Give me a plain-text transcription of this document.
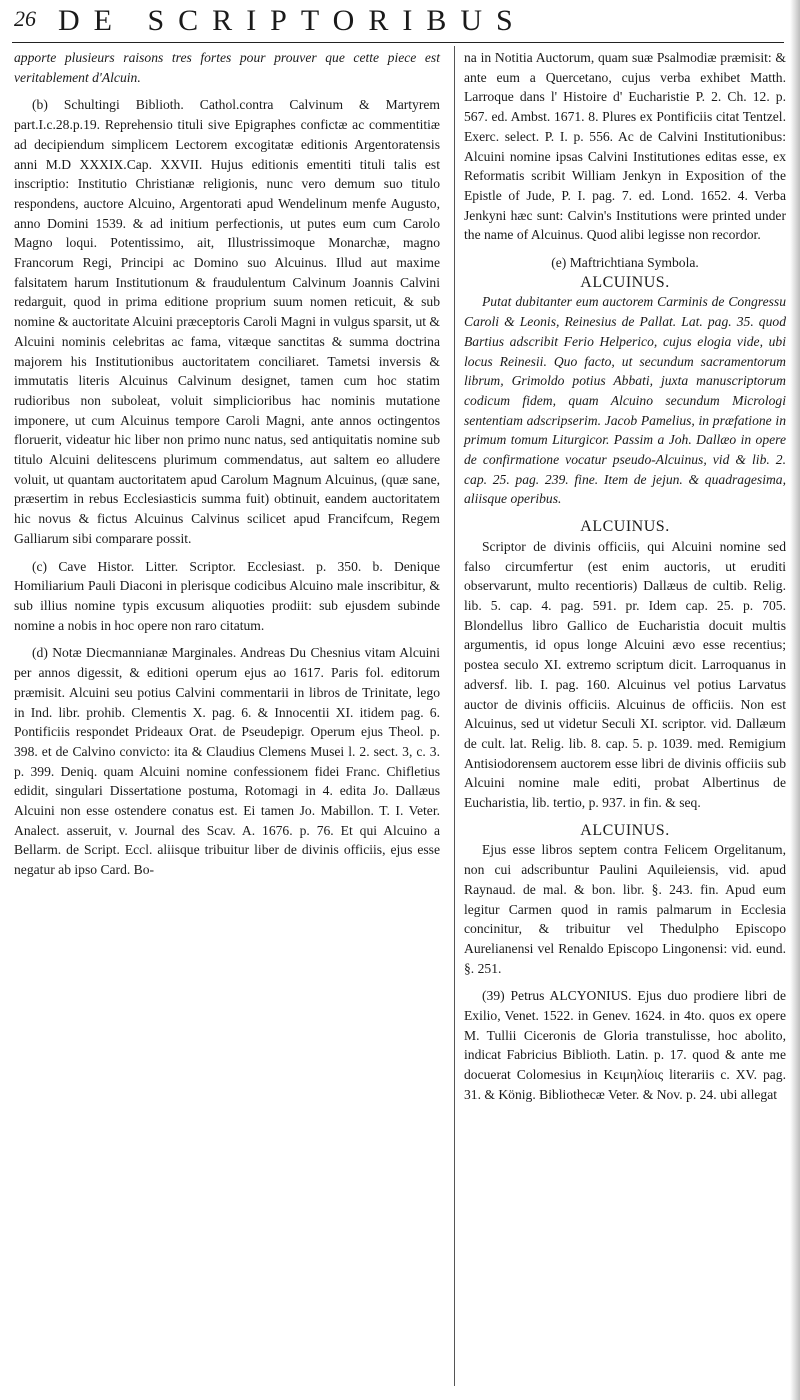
26 DE SCRIPTORIBUS

apporte plusieurs raisons tres fortes pour prouver que cette piece est veritablement d'Alcuin.

(b) Schultingi Biblioth. Cathol.contra Calvinum & Martyrem part.I.c.28.p.19. Reprehensio tituli sive Epigraphes confictæ ac commentitiæ ad decipiendum simplicem Lectorem excogitatæ editionis Argentoratensis anni M.D XXXIX.Cap. XXVII. Hujus editionis ementiti tituli talis est inscriptio: Institutio Christianæ religionis, nunc vero demum suo titulo respondens, auctore Alcuino, Argentorati apud Wendelinum menfe Augusto, anno Domini 1539. & ad initium perfectionis, ut putes eum cum Carolo Magno loqui. Potentissimo, ait, Illustrissimoque Monarchæ, magno Francorum Regi, Principi ac Domino suo Alcuinus. Illud aut maxime falsitatem harum Institutionum & fraudulentum Calvinum Joannis Calvini redarguit, quod in prima editione proprium suum nomen reticuit, & sub nomine & auctoritate Alcuini præceptoris Caroli Magni in vulgus sparsit, ut & Alcuini nominis celebritas ac fama, vitæque sanctitas & summa doctrina majorem his Institutionibus auctoritatem conciliaret. Tametsi inversis & immutatis literis Alcuinus Calvinum designet, tamen cum hoc statim rudioribus non suboleat, voluit simplicioribus hac nominis mutatione imponere, ut cum Alcuinus tempore Caroli Magni, ante annos octingentos floruerit, videatur hic liber non primo nunc natus, sed antiquitatis nomine sub titulo Alcuini delitescens plurimum commendatus, aut saltem eo alludere voluit, ut quantam auctoritatem apud Carolum Magnum Alcuinus, (quæ sane, præsertim in rebus Ecclesiasticis summa fuit) obtinuit, eandem auctoritatem hic novus & fictus Alcuinus Calvinus scilicet apud Francifcum, Regem Galliarum sibi comparare possit.

(c) Cave Histor. Litter. Scriptor. Ecclesiast. p. 350. b. Denique Homiliarium Pauli Diaconi in plerisque codicibus Alcuino male inscribitur, & sub illius nomine typis excusum aliquoties prodiit: sub ejusdem subinde nomine a nobis in hoc opere non raro citatum.

(d) Notæ Diecmannianæ Marginales. Andreas Du Chesnius vitam Alcuini per annos digessit, & editioni operum ejus ao 1617. Paris fol. editorum præmisit. Alcuini seu potius Calvini commentarii in libros de Trinitate, lego in Ind. libr. prohib. Clementis X. pag. 6. & Innocentii XI. itidem pag. 6. Pontificiis respondet Prideaux Orat. de Pseudepigr. Operum ejus Theol. p. 398. et de Calvino convicto: ita & Claudius Clemens Musei l. 2. sect. 3, c. 3. p. 399. Deniq. quam Alcuini nomine confessionem fidei Franc. Chifletius edidit, singulari Dissertatione postuma, Rotomagi in 4. edita Jo. Dallæus Alcuini non esse ostendere conatus est. Ei tamen Jo. Mabillon. T. I. Veter. Analect. asseruit, v. Journal des Scav. A. 1676. p. 76. Et qui Alcuino a Bellarm. de Script. Eccl. aliisque tribuitur liber de divinis officiis, ejus esse negatur ab ipso Card. Bo-

na in Notitia Auctorum, quam suæ Psalmodiæ præmisit: & ante eum a Quercetano, cujus verba exhibet Matth. Larroque dans l' Histoire d' Eucharistie P. 2. Ch. 12. p. 567. ed. Ambst. 1671. 8. Plures ex Pontificiis citat Tentzel. Exerc. select. P. I. p. 556. Ac de Calvini Institutionibus: Alcuini nomine ipsas Calvini Institutiones editas esse, ex Reformatis scribit William Jenkyn in Exposition of the Epistle of Jude, P. I. pag. 7. ed. Lond. 1652. 4. Verba Jenkyni hæc sunt: Calvin's Institutions were printed under the name of Alcuinus. Quod alibi legisse non recordor.

(e) Maftrichtiana Symbola.

ALCUINUS.

Putat dubitanter eum auctorem Carminis de Congressu Caroli & Leonis, Reinesius de Pallat. Lat. pag. 35. quod Bartius adscribit Ferio Helperico, cujus elogia vide, ubi locus Reinesii. Quo facto, ut secundum sacramentorum librum, Grimoldo potius Abbati, juxta manuscriptorum codicum fidem, quam Alcuino secundum Micrologi sententiam adscripserim. Jacob Pamelius, in præfatione in primum tomum Liturgicor. Passim a Joh. Dallæo in opere de confirmatione vocatur pseudo-Alcuinus, vid & lib. 2. cap. 25. pag. 239. fine. Item de jejun. & quadragesima, aliisque operibus.

ALCUINUS.

Scriptor de divinis officiis, qui Alcuini nomine sed falso circumfertur (est enim auctoris, ut eruditi observarunt, multo recentioris) Dallæus de cultib. Relig. lib. 5. cap. 4. pag. 591. pr. Idem cap. 25. p. 705. Blondellus libro Gallico de Eucharistia docuit multis argumentis, id opus longe Alcuini ævo esse recentius; postea seculo XI. extremo scriptum dicit. Larroquanus in adversf. lib. I. pag. 160. Alcuinus vel potius Larvatus auctor de divinis officiis. Alcuinus de officiis. Non est Alcuinus, sed ut videtur Seculi XI. scriptor. vid. Dallæum de cult. lat. Relig. lib. 8. cap. 5. p. 1039. med. Remigium Antisiodorensem auctorem esse libri de divinis officiis sub Alcuini nomine male editi, probat Albertinus de Eucharistia, lib. tertio, p. 937. in fin. & seq.

ALCUINUS.

Ejus esse libros septem contra Felicem Orgelitanum, non cui adscribuntur Paulini Aquileiensis, vid. apud Raynaud. de mal. & bon. libr. §. 243. fin. Apud eum legitur Carmen quod in ramis palmarum in Ecclesia concinitur, & tribuitur vel Thedulpho Episcopo Aurelianensi vel Renaldo Episcopo Lingonensi: vid. eund. §. 251.

(39) Petrus ALCYONIUS. Ejus duo prodiere libri de Exilio, Venet. 1522. in Genev. 1624. in 4to. quos ex opere M. Tullii Ciceronis de Gloria transtulisse, hoc abolito, indicat Fabricius Biblioth. Latin. p. 17. quod & ante me docuerat Colomesius in Κειμηλίοις literariis c. XV. pag. 31. & König. Bibliothecæ Veter. & Nov. p. 24. ubi allegat
